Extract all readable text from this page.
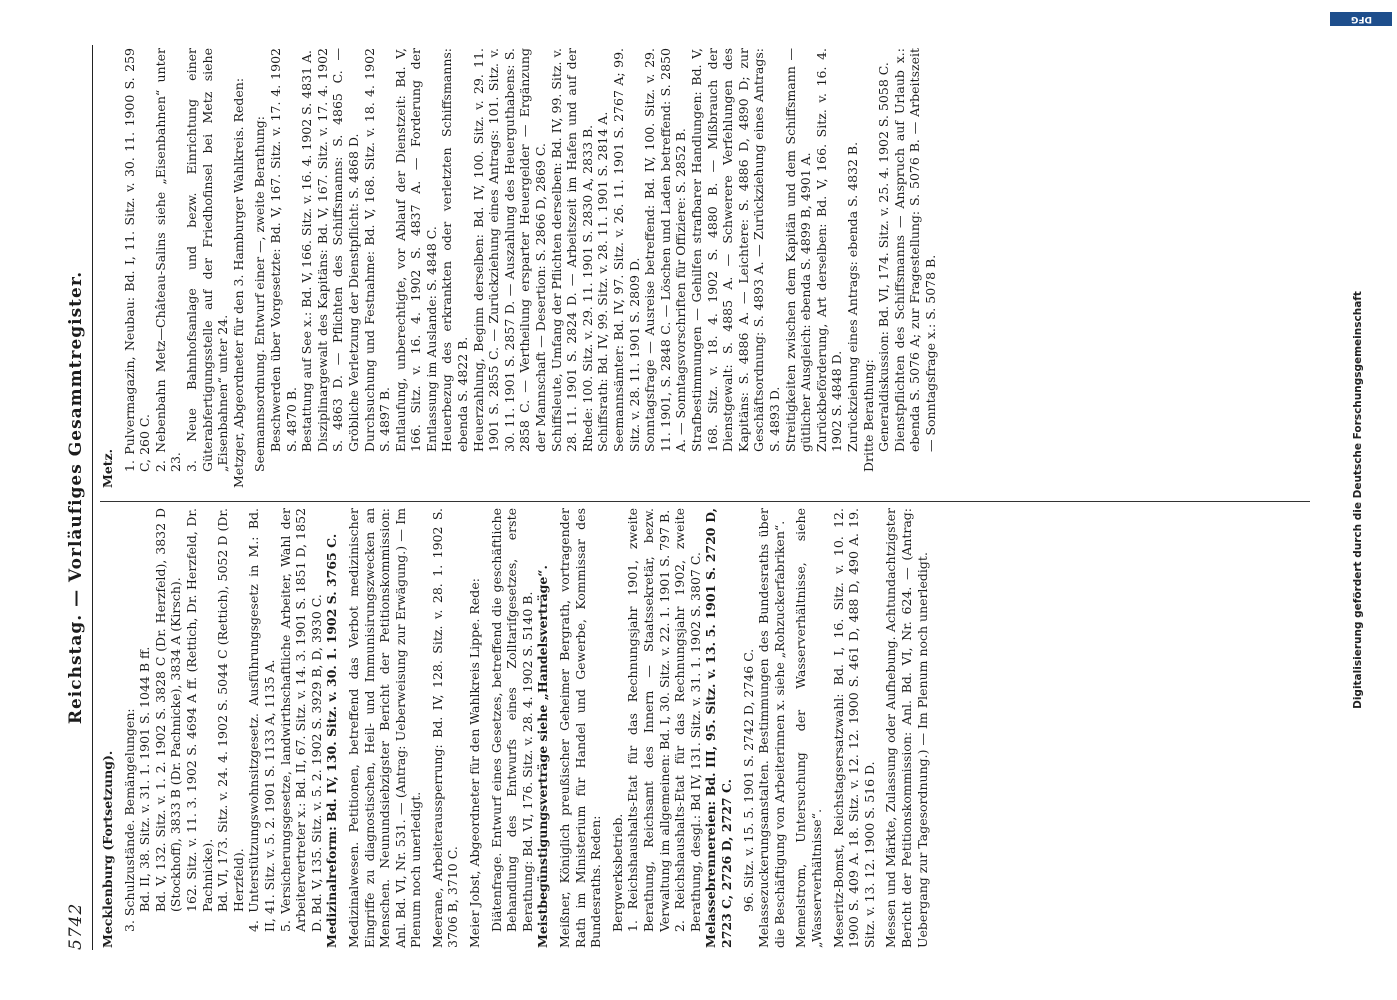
5742
Reichstag. — Vorläufiges Gesammtregister.

Mecklenburg (Fortsetzung). 3. Schulzustände. Bemängelungen: Bd. II, 38. Sitz. v. 31. 1. 1901 S. 1044 B ff. Bd. V, 132. Sitz. v. 1. 2. 1902 S. 3828 C (Dr. Herzfeld), 3832 D (Stockhoff), 3833 B (Dr. Pachnicke), 3834 A (Kirsch). 162. Sitz. v. 11. 3. 1902 S. 4694 A ff. (Rettich, Dr. Herzfeld, Dr. Pachnicke). Bd. VI, 173. Sitz. v. 24. 4. 1902 S. 5044 C (Rettich), 5052 D (Dr. Herzfeld). 4. Unterstützungswohnsitzgesetz. Ausführungsgesetz in M.: Bd. II, 41. Sitz. v. 5. 2. 1901 S. 1133 A, 1135 A. 5. Versicherungsgesetze, landwirthschaftliche Arbeiter, Wahl der Arbeitervertreter x.: Bd. II, 67. Sitz. v. 14. 3. 1901 S. 1851 D, 1852 D. Bd. V, 135. Sitz. v. 5. 2. 1902 S. 3929 B, D, 3930 C. Medizinalreform: Bd. IV, 130. Sitz. v. 30. 1. 1902 S. 3765 C. Medizinalwesen. Petitionen, betreffend das Verbot medizinischer Eingriffe zu diagnostischen, Heil- und Immunisirungszwecken an Menschen. Neunundsiebzigster Bericht der Petitionskommission: Anl. Bd. VI, Nr. 531. — (Antrag: Ueberweisung zur Erwägung.) — Im Plenum noch unerledigt. Meerane, Arbeiteraussperrung: Bd. IV, 128. Sitz. v. 28. 1. 1902 S. 3706 B, 3710 C. Meier Jobst, Abgeordneter für den Wahlkreis Lippe. Rede: Diätenfrage. Entwurf eines Gesetzes, betreffend die geschäftliche Behandlung des Entwurfs eines Zolltarifgesetzes, erste Berathung: Bd. VI, 176. Sitz. v. 28. 4. 1902 S. 5140 B. Meistbegünstigungsverträge siehe „Handelsverträge“. Meißner, Königlich preußischer Geheimer Bergrath, vortragender Rath im Ministerium für Handel und Gewerbe, Kommissar des Bundesraths. Reden: Bergwerksbetrieb. 1. Reichshaushalts-Etat für das Rechnungsjahr 1901, zweite Berathung, Reichsamt des Innern — Staatssekretär, bezw. Verwaltung im allgemeinen: Bd. I, 30. Sitz. v. 22. 1. 1901 S. 797 B. 2. Reichshaushalts-Etat für das Rechnungsjahr 1902, zweite Berathung, desgl.: Bd IV, 131. Sitz. v. 31. 1. 1902 S. 3807 C. Melassebrennereien: Bd. III, 95. Sitz. v. 13. 5. 1901 S. 2720 D, 2723 C, 2726 D, 2727 C. 96. Sitz. v. 15. 5. 1901 S. 2742 D, 2746 C. Melassezuckerungsanstalten. Bestimmungen des Bundesraths über die Beschäftigung von Arbeiterinnen x. siehe „Rohzuckerfabriken“. Memelstrom, Untersuchung der Wasserverhältnisse, siehe „Wasserverhältnisse“. Meseritz-Bomst, Reichstagsersatzwahl: Bd. I, 16. Sitz. v. 10. 12. 1900 S. 409 A. 18. Sitz. v. 12. 12. 1900 S. 461 D, 488 D, 490 A. 19. Sitz. v. 13. 12. 1900 S. 516 D. Messen und Märkte, Zulassung oder Aufhebung. Achtundachtzigster Bericht der Petitionskommission: Anl. Bd. VI, Nr. 624. — (Antrag: Uebergang zur Tagesordnung.) — Im Plenum noch unerledigt.

Metz. 1. Pulvermagazin, Neubau: Bd. I, 11. Sitz. v. 30. 11. 1900 S. 259 C, 260 C. 2. Nebenbahn Metz—Château-Salins siehe „Eisenbahnen“ unter 23. 3. Neue Bahnhofsanlage und bezw. Einrichtung einer Güterabfertigungsstelle auf der Friedhofinsel bei Metz siehe „Eisenbahnen“ unter 24. Metzger, Abgeordneter für den 3. Hamburger Wahlkreis. Reden: Seemannsordnung. Entwurf einer —, zweite Berathung: Beschwerden über Vorgesetzte: Bd. V, 167. Sitz. v. 17. 4. 1902 S. 4870 B. Bestattung auf See x.: Bd. V, 166. Sitz. v. 16. 4. 1902 S. 4831 A. Disziplinargewalt des Kapitäns: Bd. V, 167. Sitz. v. 17. 4. 1902 S. 4863 D. — Pflichten des Schiffsmanns: S. 4865 C. — Gröbliche Verletzung der Dienstpflicht: S. 4868 D. Durchsuchung und Festnahme: Bd. V, 168. Sitz. v. 18. 4. 1902 S. 4897 B. Entlaufung, unberechtigte, vor Ablauf der Dienstzeit: Bd. V, 166. Sitz. v. 16. 4. 1902 S. 4837 A. — Forderung der Entlassung im Auslande: S. 4848 C. Heuerbezug des erkrankten oder verletzten Schiffsmanns: ebenda S. 4822 B. Heuerzahlung, Beginn derselben: Bd. IV, 100. Sitz. v. 29. 11. 1901 S. 2855 C. — Zurückziehung eines Antrags: 101. Sitz. v. 30. 11. 1901 S. 2857 D. — Auszahlung des Heuerguthabens: S. 2858 C. — Vertheilung ersparter Heuergelder — Ergänzung der Mannschaft — Desertion: S. 2866 D, 2869 C. Schiffsleute, Umfang der Pflichten derselben: Bd. IV, 99. Sitz. v. 28. 11. 1901 S. 2824 D. — Arbeitszeit im Hafen und auf der Rhede: 100. Sitz. v. 29. 11. 1901 S. 2830 A, 2833 B. Schiffsrath: Bd. IV, 99. Sitz. v. 28. 11. 1901 S. 2814 A. Seemannsämter: Bd. IV, 97. Sitz. v. 26. 11. 1901 S. 2767 A; 99. Sitz. v. 28. 11. 1901 S. 2809 D. Sonntagsfrage — Ausreise betreffend: Bd. IV, 100. Sitz. v. 29. 11. 1901, S. 2848 C. — Löschen und Laden betreffend: S. 2850 A. — Sonntagsvorschriften für Offiziere: S. 2852 B. Strafbestimmungen — Gehilfen strafbarer Handlungen: Bd. V, 168. Sitz. v. 18. 4. 1902 S. 4880 B. — Mißbrauch der Dienstgewalt: S. 4885 A. — Schwerere Verfehlungen des Kapitäns: S. 4886 A. — Leichtere: S. 4886 D, 4890 D; zur Geschäftsordnung: S. 4893 A. — Zurückziehung eines Antrags: S. 4893 D. Streitigkeiten zwischen dem Kapitän und dem Schiffsmann — gütlicher Ausgleich: ebenda S. 4899 B, 4901 A. Zurückbeförderung, Art derselben: Bd. V, 166. Sitz. v. 16. 4. 1902 S. 4848 D. Zurückziehung eines Antrags: ebenda S. 4832 B. Dritte Berathung: Generaldiskussion: Bd. VI, 174. Sitz. v. 25. 4. 1902 S. 5058 C. Dienstpflichten des Schiffsmanns — Anspruch auf Urlaub x.: ebenda S. 5076 A; zur Fragestellung: S. 5076 B. — Arbeitszeit — Sonntagsfrage x.: S. 5078 B.	Digitalisierung gefördert durch die Deutsche Forschungsgemeinschaft
DFG
